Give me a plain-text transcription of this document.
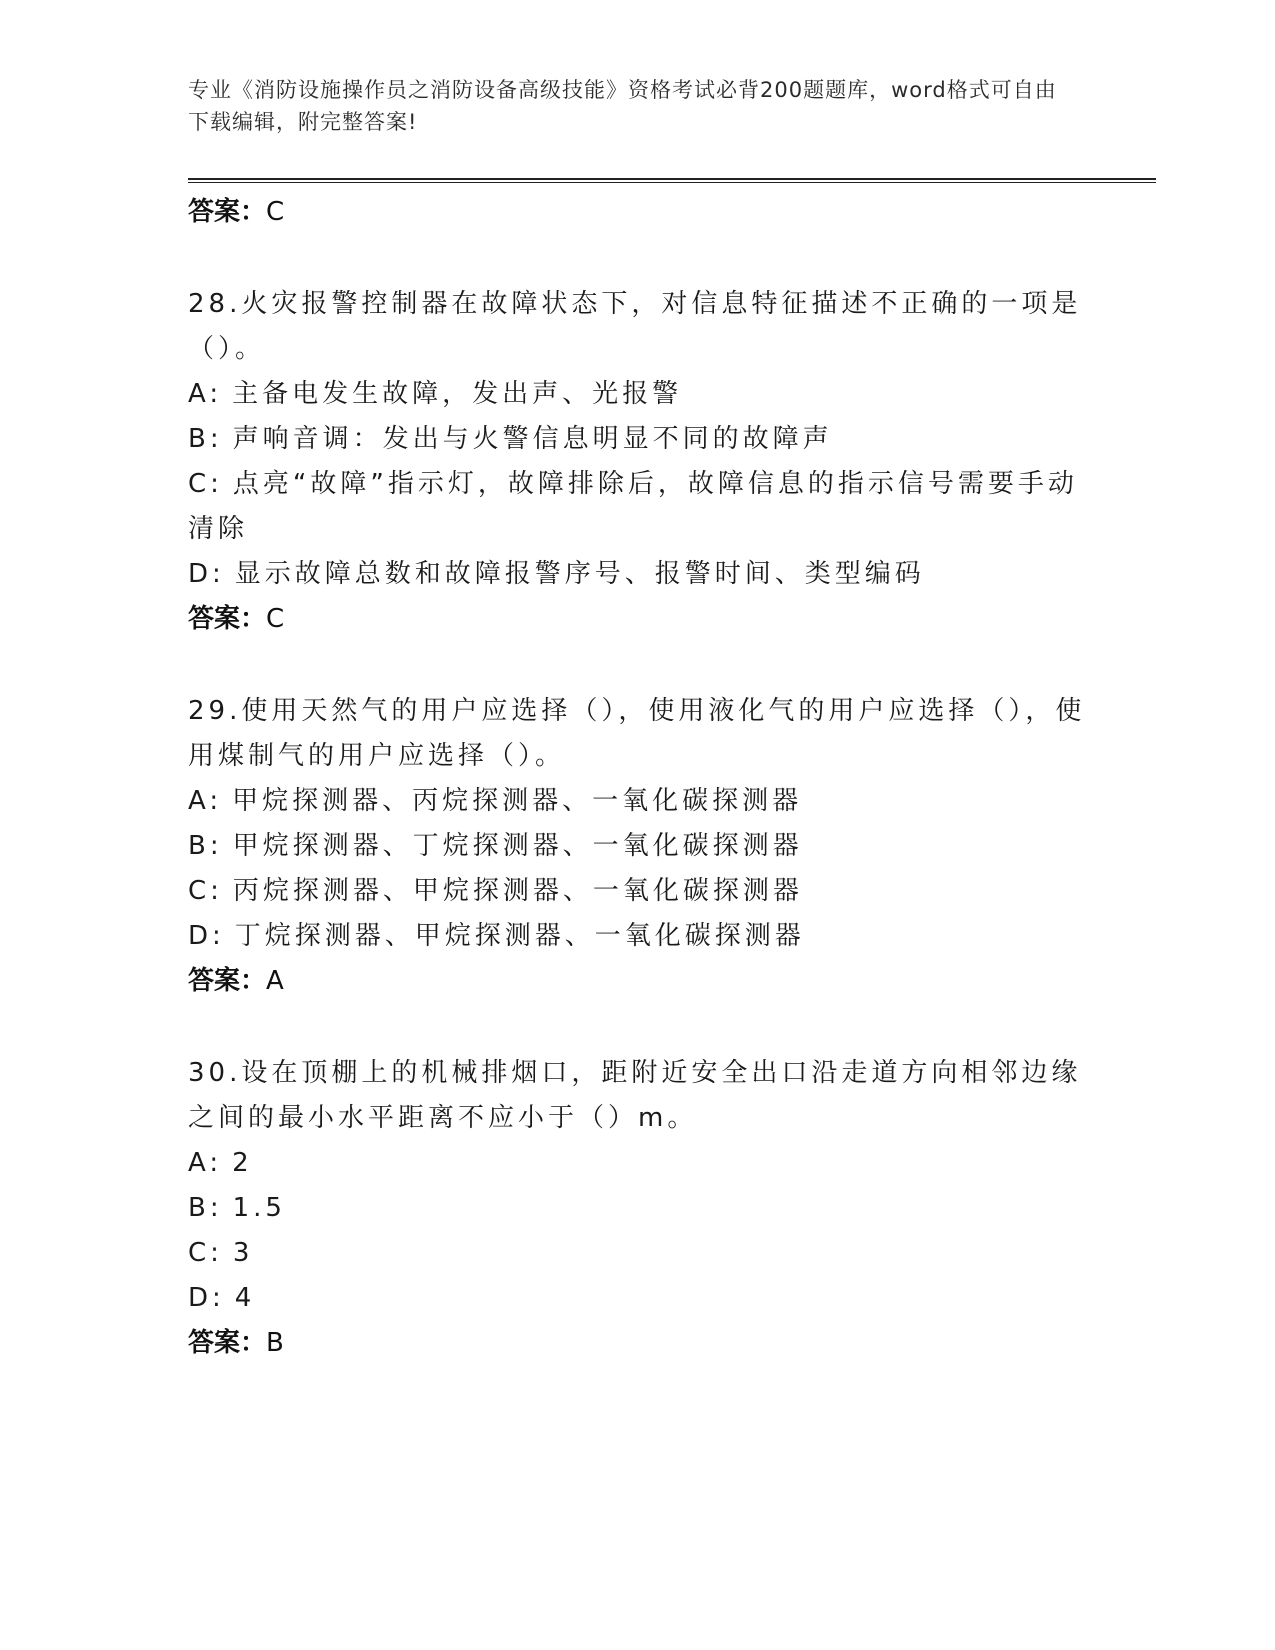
专业《消防设施操作员之消防设备高级技能》资格考试必背200题题库，word格式可自由下载编辑，附完整答案!
答案：C
28.火灾报警控制器在故障状态下，对信息特征描述不正确的一项是（）。
A: 主备电发生故障，发出声、光报警
B: 声响音调：发出与火警信息明显不同的故障声
C: 点亮“故障”指示灯，故障排除后，故障信息的指示信号需要手动清除
D: 显示故障总数和故障报警序号、报警时间、类型编码
答案：C
29.使用天然气的用户应选择（），使用液化气的用户应选择（），使用煤制气的用户应选择（）。
A: 甲烷探测器、丙烷探测器、一氧化碳探测器
B: 甲烷探测器、丁烷探测器、一氧化碳探测器
C: 丙烷探测器、甲烷探测器、一氧化碳探测器
D: 丁烷探测器、甲烷探测器、一氧化碳探测器
答案：A
30.设在顶棚上的机械排烟口，距附近安全出口沿走道方向相邻边缘之间的最小水平距离不应小于（）m。
A: 2
B: 1.5
C: 3
D: 4
答案：B
